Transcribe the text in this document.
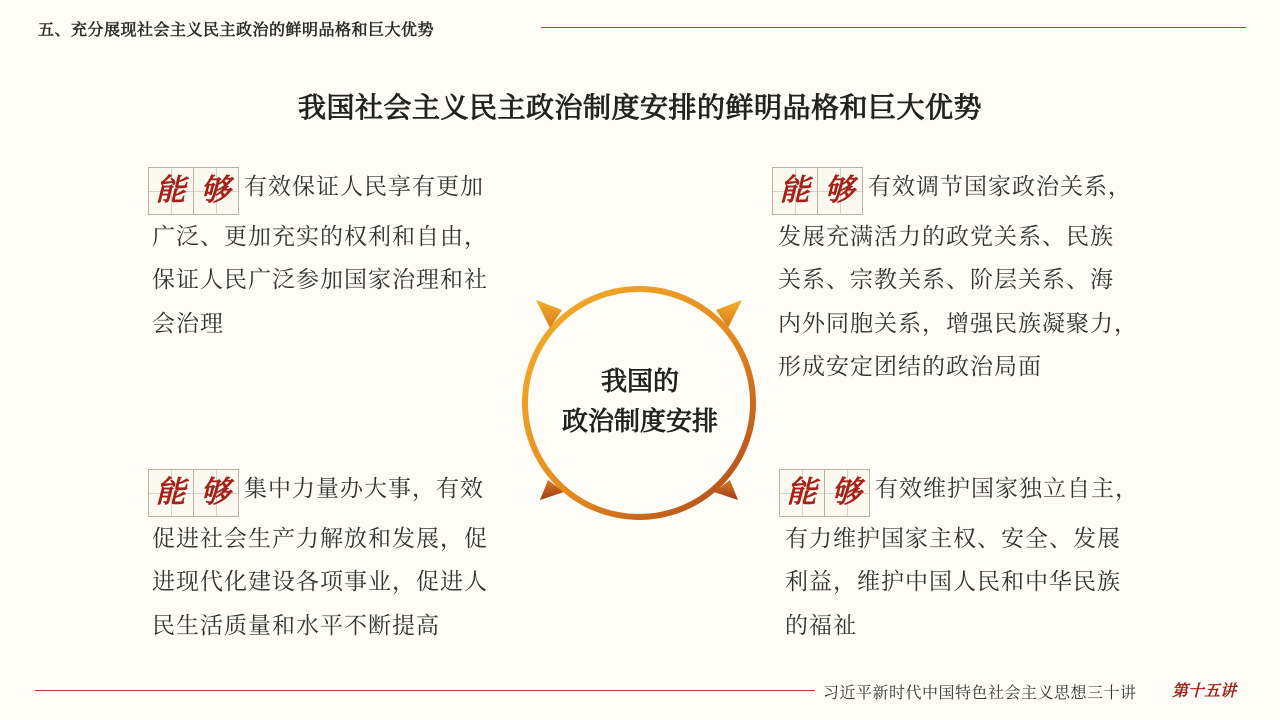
五、充分展现社会主义民主政治的鲜明品格和巨大优势
我国社会主义民主政治制度安排的鲜明品格和巨大优势
能 够 有效保证人民享有更加
广泛、更加充实的权利和自由，
保证人民广泛参加国家治理和社
会治理
能 够 有效调节国家政治关系，
发展充满活力的政党关系、民族
关系、宗教关系、阶层关系、海
内外同胞关系，增强民族凝聚力，
形成安定团结的政治局面
能 够 集中力量办大事，有效
促进社会生产力解放和发展，促
进现代化建设各项事业，促进人
民生活质量和水平不断提高
能 够 有效维护国家独立自主，
有力维护国家主权、安全、发展
利益，维护中国人民和中华民族
的福祉
我国的
政治制度安排
习近平新时代中国特色社会主义思想三十讲 第十五讲
